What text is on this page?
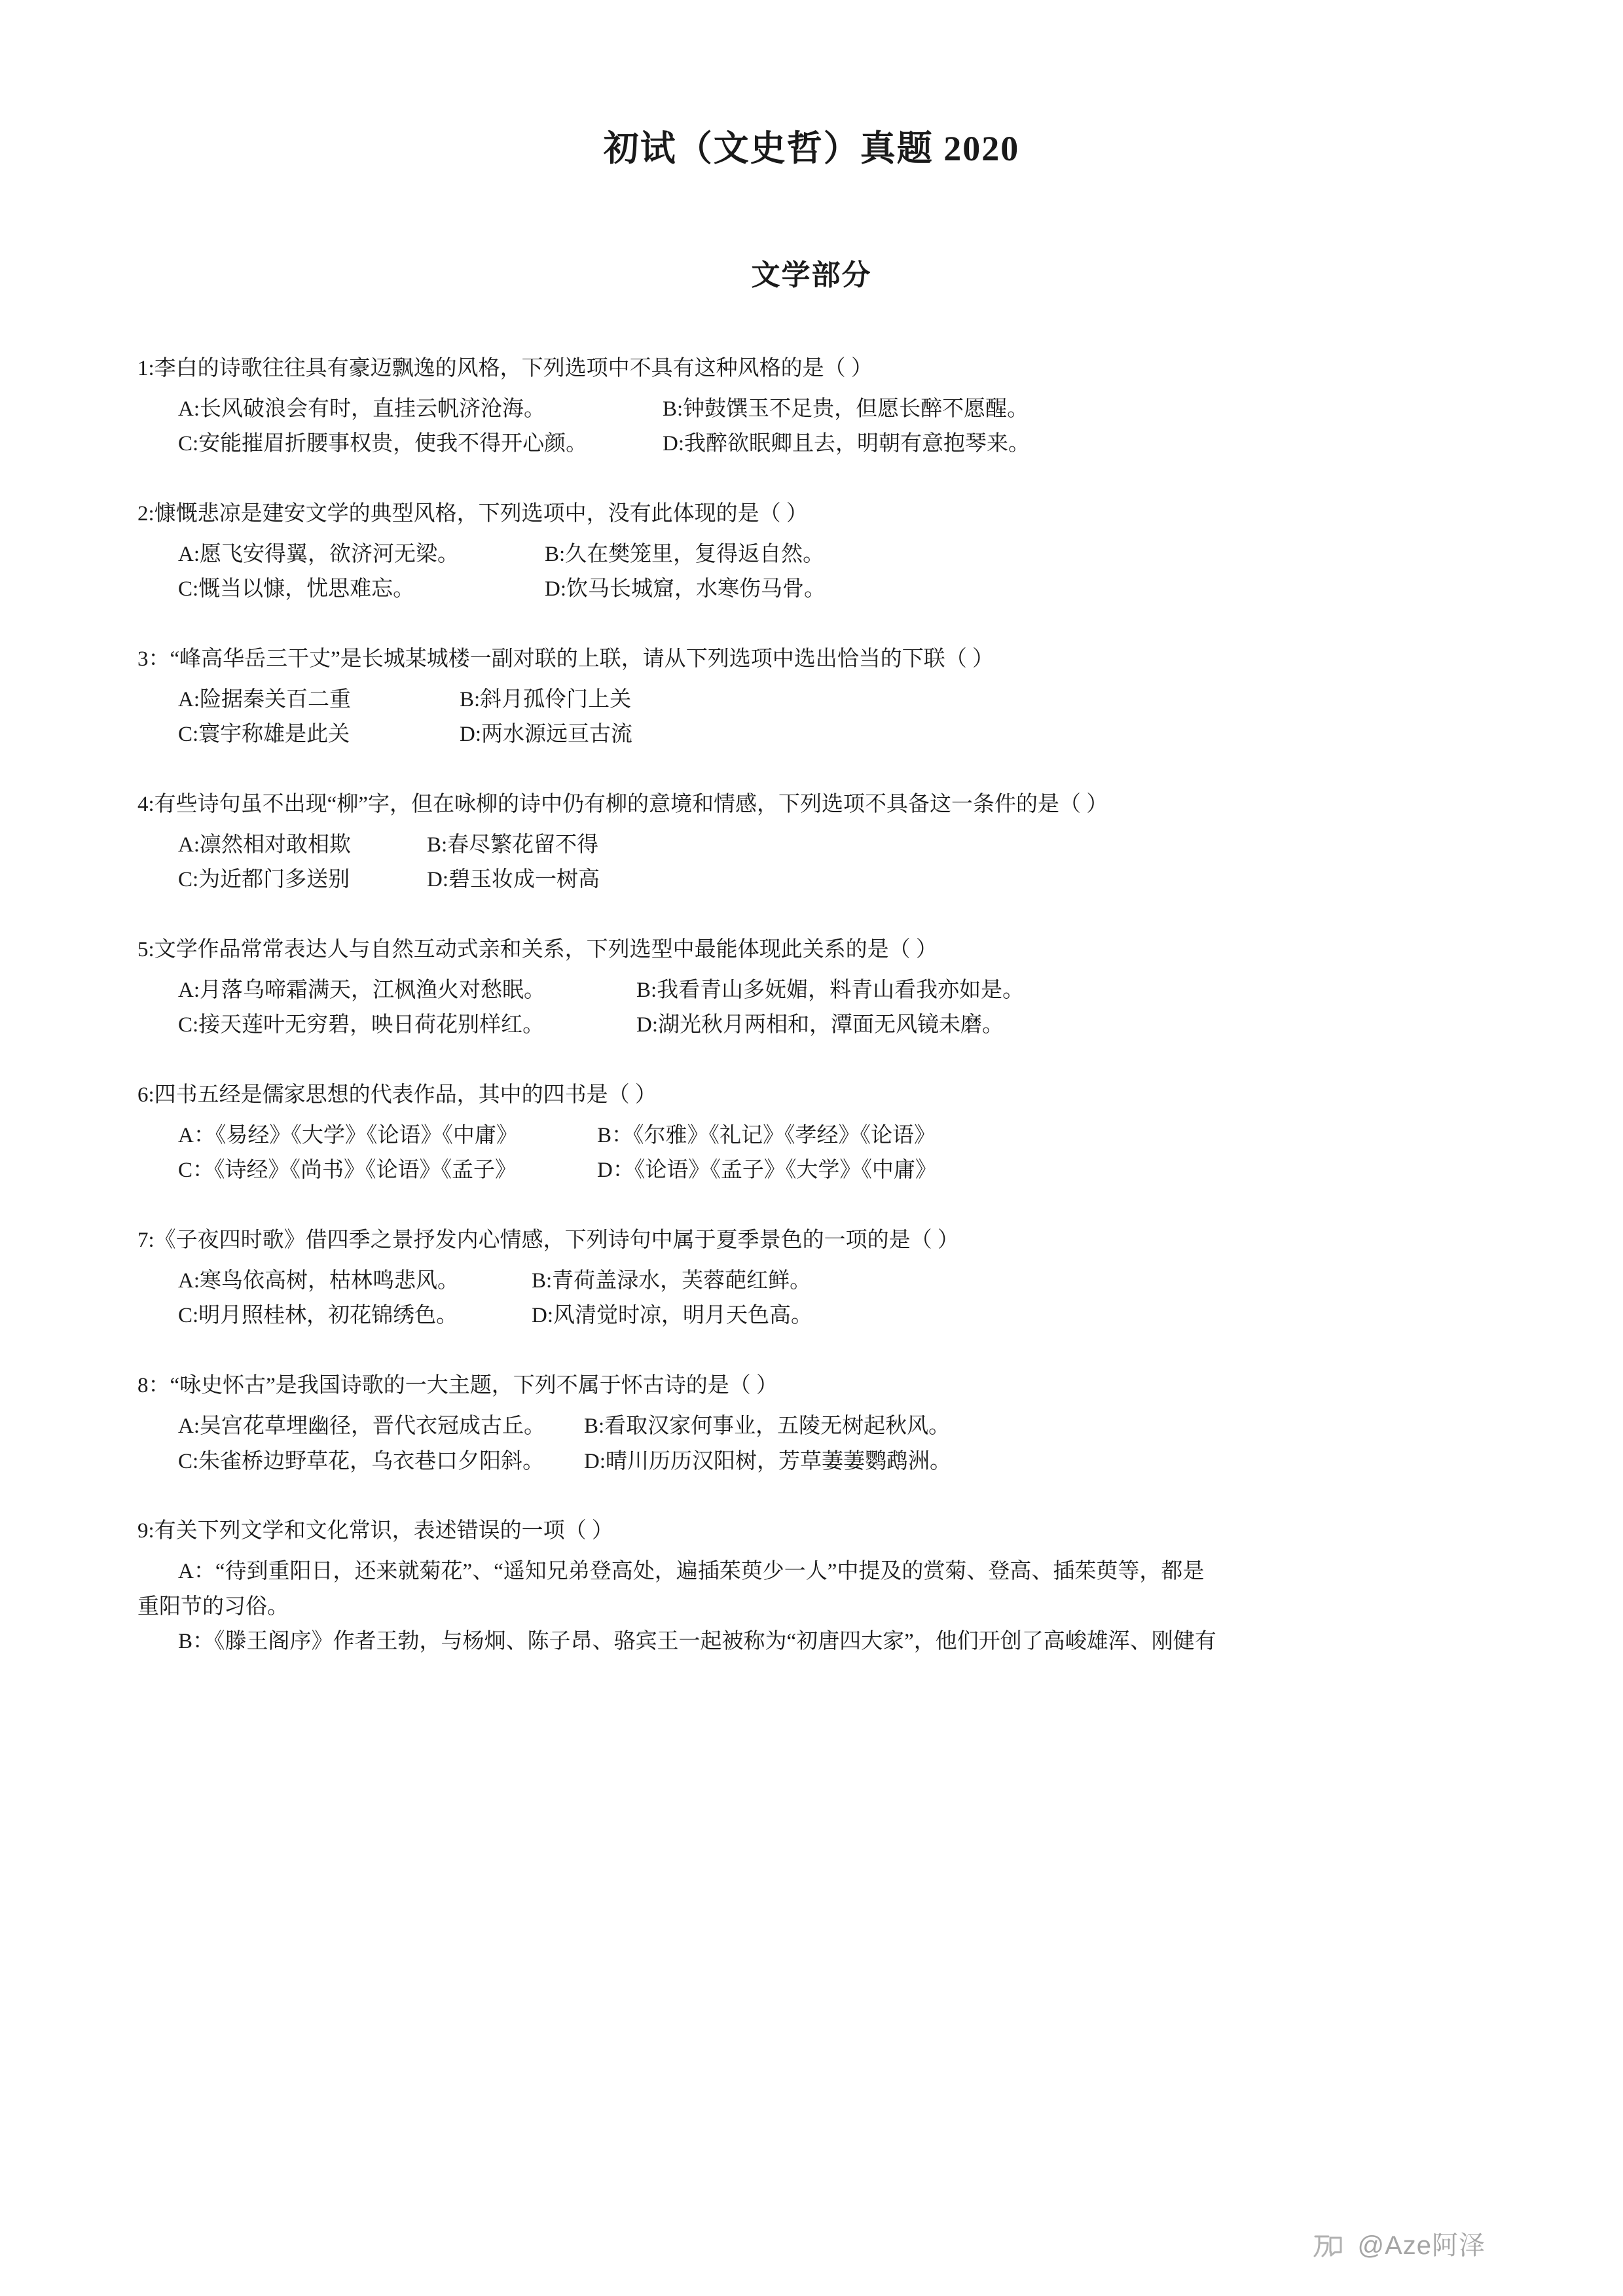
初试（文史哲）真题 2020
文学部分
1:李白的诗歌往往具有豪迈飘逸的风格，下列选项中不具有这种风格的是（ ）
A:长风破浪会有时，直挂云帆济沧海。	B:钟鼓馔玉不足贵，但愿长醉不愿醒。
C:安能摧眉折腰事权贵，使我不得开心颜。	D:我醉欲眠卿且去，明朝有意抱琴来。
2:慷慨悲凉是建安文学的典型风格，下列选项中，没有此体现的是（ ）
A:愿飞安得翼，欲济河无梁。	B:久在樊笼里，复得返自然。
C:慨当以慷，忧思难忘。	D:饮马长城窟，水寒伤马骨。
3：“峰高华岳三干丈”是长城某城楼一副对联的上联，请从下列选项中选出恰当的下联（ ）
A:险据秦关百二重	B:斜月孤伶门上关
C:寰宇称雄是此关	D:两水源远亘古流
4:有些诗句虽不出现“柳”字，但在咏柳的诗中仍有柳的意境和情感，下列选项不具备这一条件的是（ ）
A:凛然相对敢相欺	B:春尽繁花留不得
C:为近都门多送别	D:碧玉妆成一树高
5:文学作品常常表达人与自然互动式亲和关系，下列选型中最能体现此关系的是（ ）
A:月落乌啼霜满天，江枫渔火对愁眠。	B:我看青山多妩媚，料青山看我亦如是。
C:接天莲叶无穷碧，映日荷花别样红。	D:湖光秋月两相和，潭面无风镜未磨。
6:四书五经是儒家思想的代表作品，其中的四书是（ ）
A：《易经》《大学》《论语》《中庸》	B：《尔雅》《礼记》《孝经》《论语》
C：《诗经》《尚书》《论语》《孟子》	D：《论语》《孟子》《大学》《中庸》
7:《子夜四时歌》借四季之景抒发内心情感，下列诗句中属于夏季景色的一项的是（ ）
A:寒鸟依高树，枯林鸣悲风。	B:青荷盖渌水，芙蓉葩红鲜。
C:明月照桂林，初花锦绣色。	D:风清觉时凉，明月天色高。
8：“咏史怀古”是我国诗歌的一大主题，下列不属于怀古诗的是（ ）
A:吴宫花草埋幽径，晋代衣冠成古丘。 B:看取汉家何事业，五陵无树起秋风。
C:朱雀桥边野草花，乌衣巷口夕阳斜。 D:晴川历历汉阳树，芳草萋萋鹦鹉洲。
9:有关下列文学和文化常识，表述错误的一项（ ）
A：“待到重阳日，还来就菊花”、“遥知兄弟登高处，遍插茱萸少一人”中提及的赏菊、登高、插茱萸等，都是
重阳节的习俗。
B：《滕王阁序》作者王勃，与杨炯、陈子昂、骆宾王一起被称为“初唐四大家”，他们开创了高峻雄浑、刚健有
@Aze阿泽
